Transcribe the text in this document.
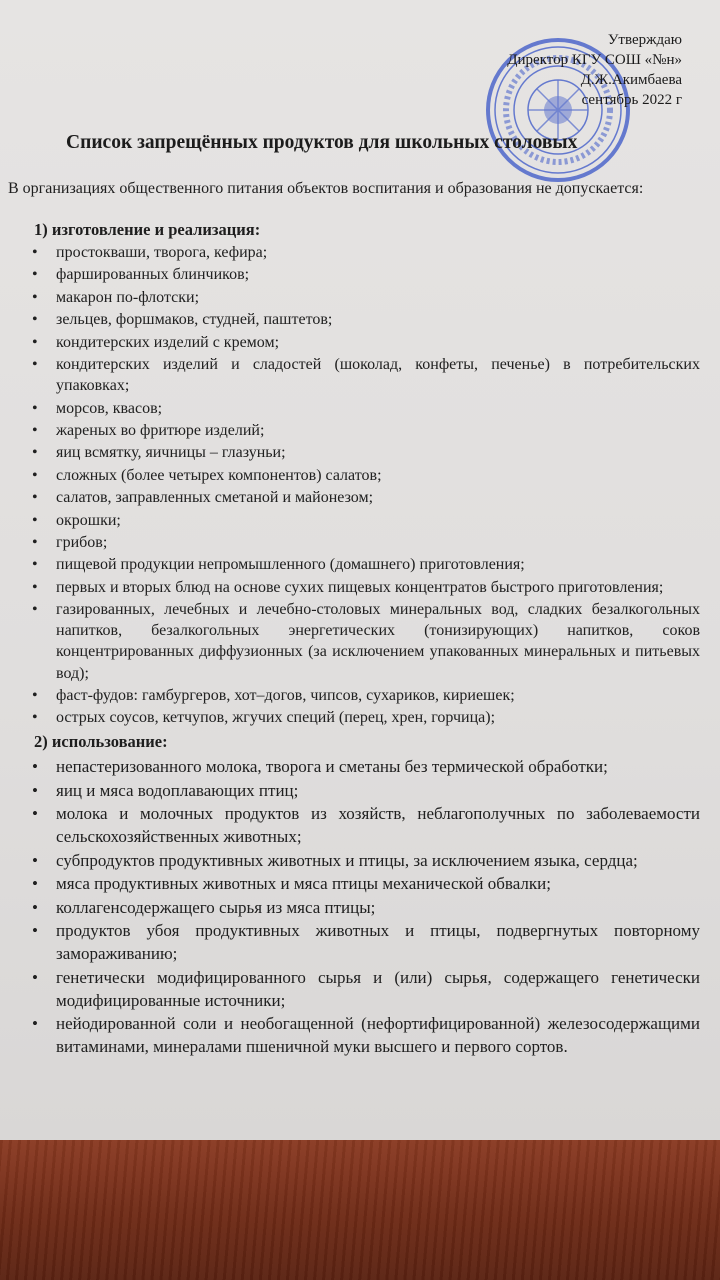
Утверждаю
Директор КГУ СОШ «№н»
Д.Ж.Акимбаева
сентябрь 2022 г
Список запрещённых продуктов для школьных столовых
В организациях общественного питания объектов воспитания и образования не допускается:
1) изготовление и реализация:
• простокваши, творога, кефира;
• фаршированных блинчиков;
• макарон по-флотски;
• зельцев, форшмаков, студней, паштетов;
• кондитерских изделий с кремом;
• кондитерских изделий и сладостей (шоколад, конфеты, печенье) в потребительских упаковках;
• морсов, квасов;
• жареных во фритюре изделий;
• яиц всмятку, яичницы – глазуньи;
• сложных (более четырех компонентов) салатов;
• салатов, заправленных сметаной и майонезом;
• окрошки;
• грибов;
• пищевой продукции непромышленного (домашнего) приготовления;
• первых и вторых блюд на основе сухих пищевых концентратов быстрого приготовления;
• газированных, лечебных и лечебно-столовых минеральных вод, сладких безалкогольных напитков, безалкогольных энергетических (тонизирующих) напитков, соков концентрированных диффузионных (за исключением упакованных минеральных и питьевых вод);
• фаст-фудов: гамбургеров, хот–догов, чипсов, сухариков, кириешек;
• острых соусов, кетчупов, жгучих специй (перец, хрен, горчица);
2) использование:
• непастеризованного молока, творога и сметаны без термической обработки;
• яиц и мяса водоплавающих птиц;
• молока и молочных продуктов из хозяйств, неблагополучных по заболеваемости сельскохозяйственных животных;
• субпродуктов продуктивных животных и птицы, за исключением языка, сердца;
• мяса продуктивных животных и мяса птицы механической обвалки;
• коллагенсодержащего сырья из мяса птицы;
• продуктов убоя продуктивных животных и птицы, подвергнутых повторному замораживанию;
• генетически модифицированного сырья и (или) сырья, содержащего генетически модифицированные источники;
• нейодированной соли и необогащенной (нефортифицированной) железосодержащими витаминами, минералами пшеничной муки высшего и первого сортов.
